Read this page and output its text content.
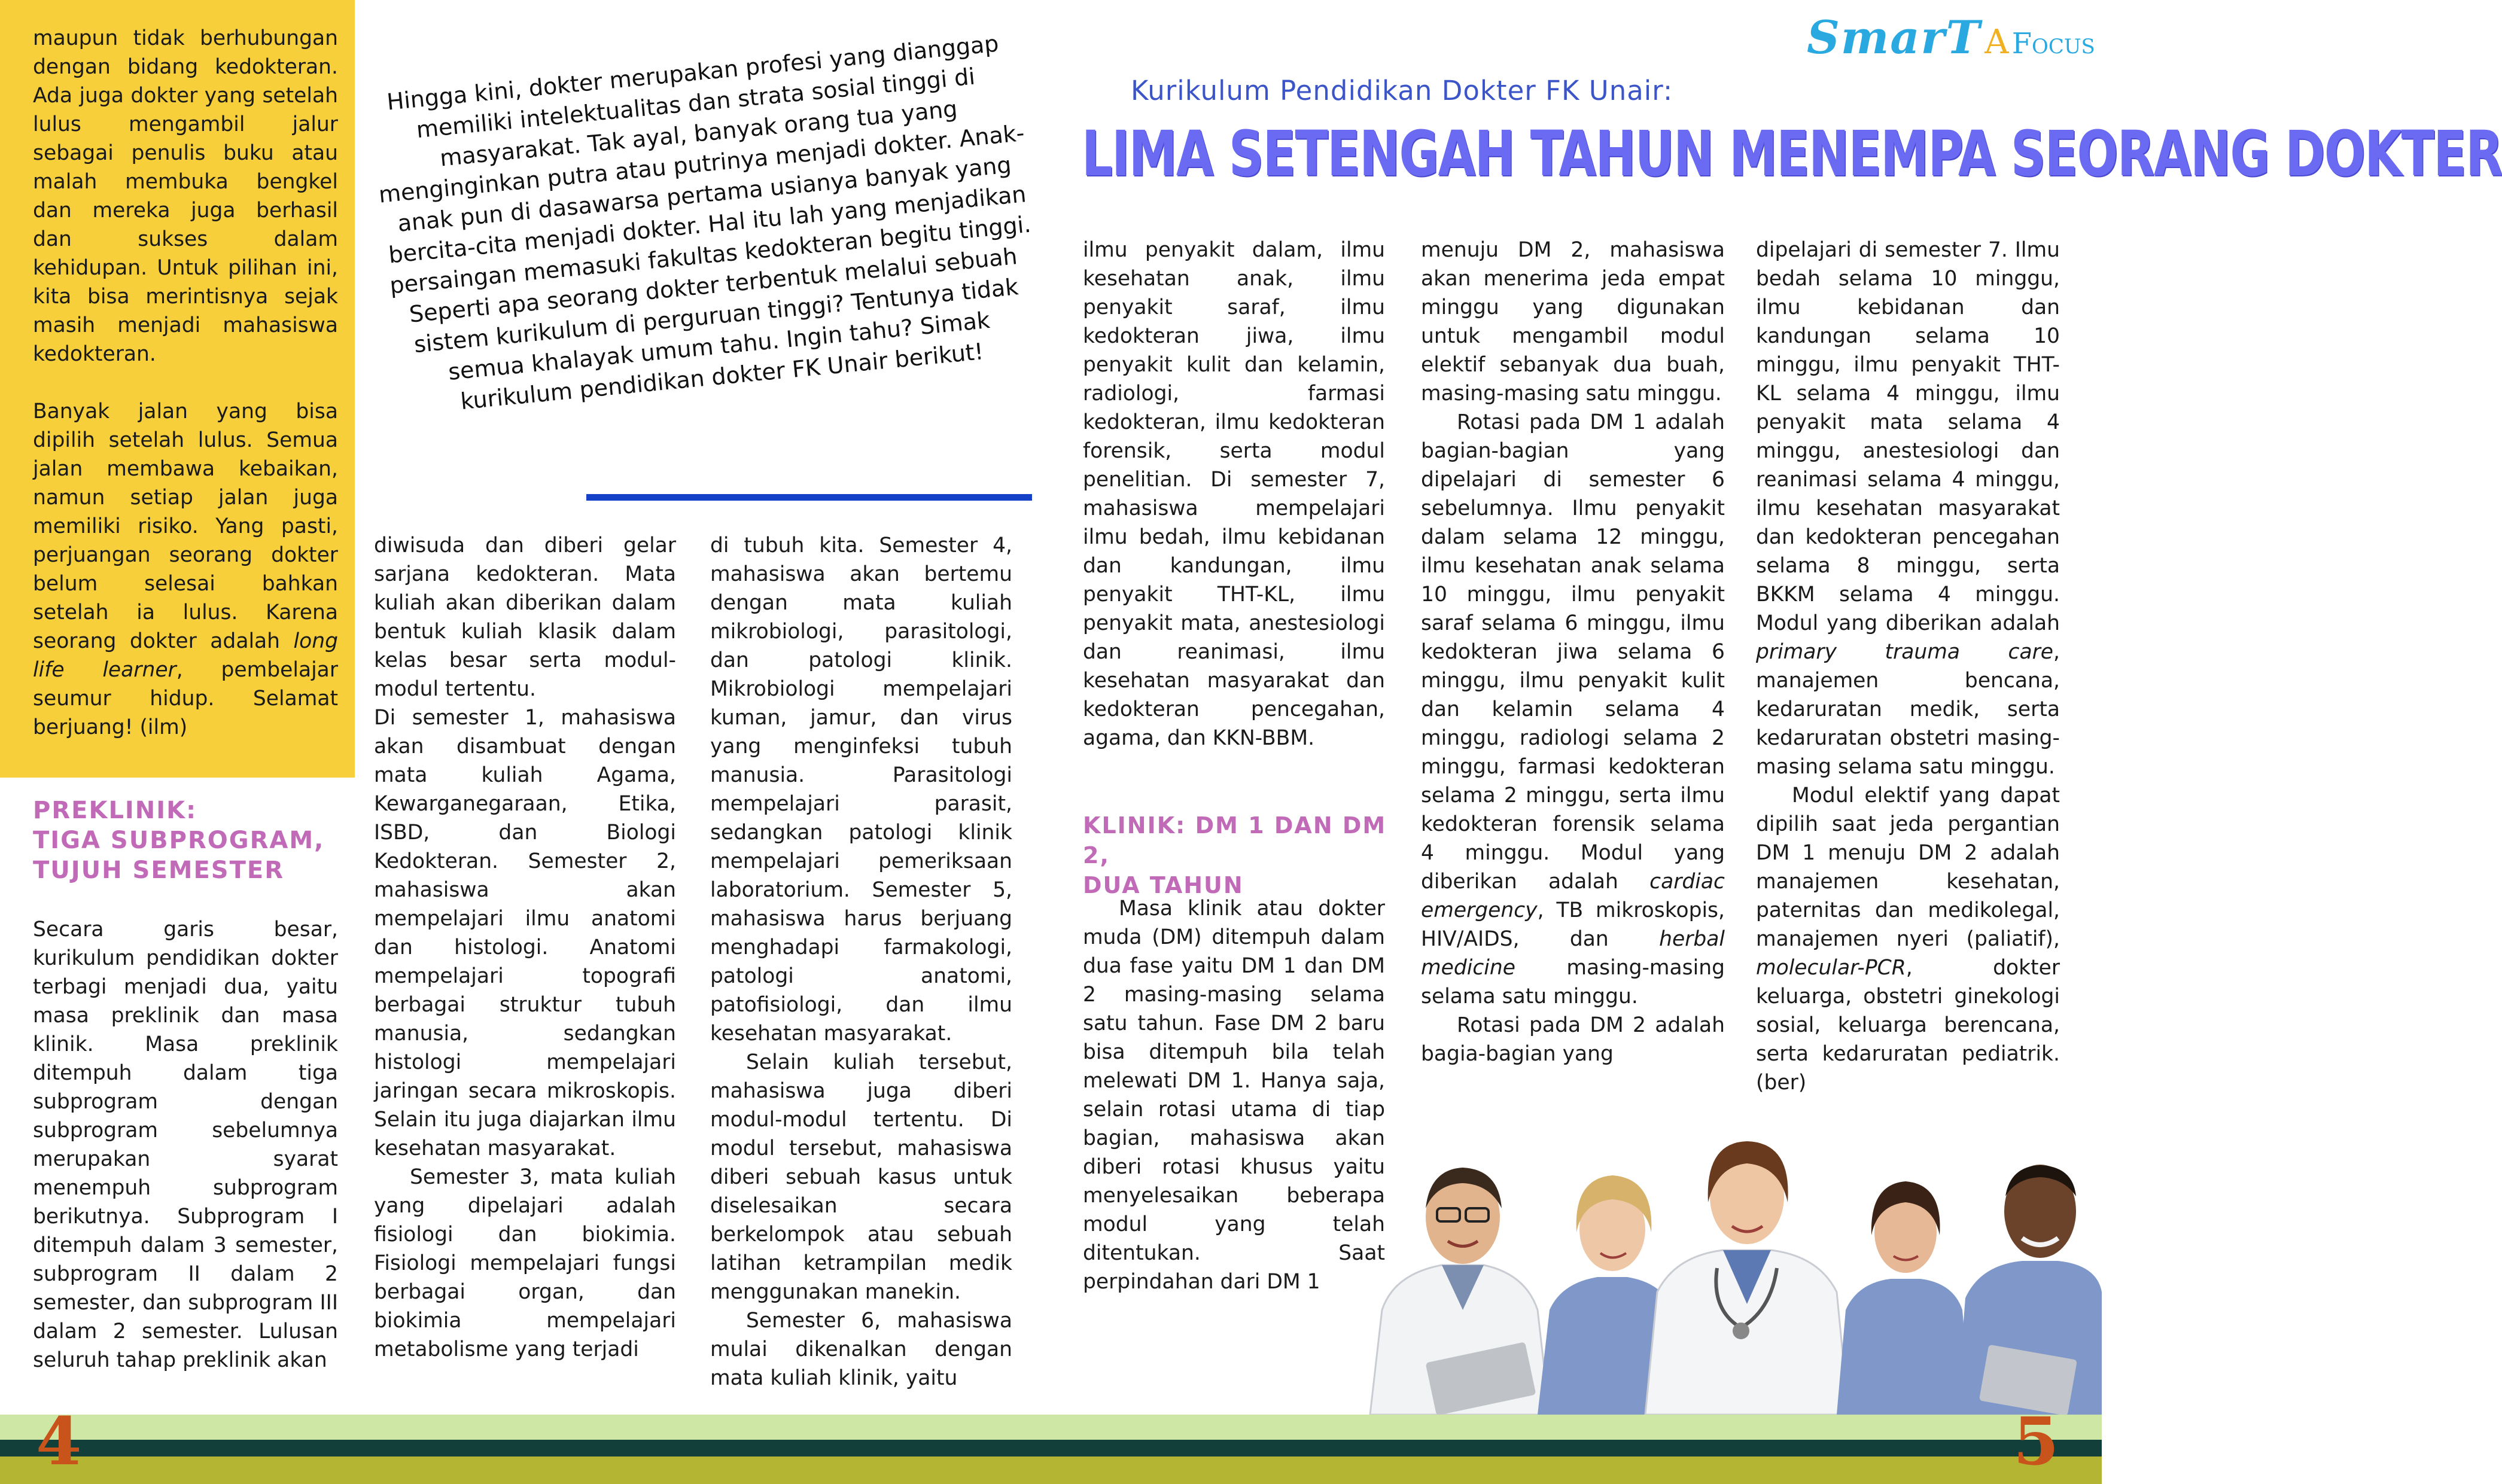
maupun tidak berhubungan dengan bidang kedokteran. Ada juga dokter yang setelah lulus mengambil jalur sebagai penulis buku atau malah membuka bengkel dan mereka juga berhasil dan sukses dalam kehidupan. Untuk pilihan ini, kita bisa merintisnya sejak masih menjadi mahasiswa kedokteran.

Banyak jalan yang bisa dipilih setelah lulus. Semua jalan membawa kebaikan, namun setiap jalan juga memiliki risiko. Yang pasti, perjuangan seorang dokter belum selesai bahkan setelah ia lulus. Karena seorang dokter adalah long life learner, pembelajar seumur hidup. Selamat berjuang! (ilm)

PREKLINIK:
TIGA SUBPROGRAM,
TUJUH SEMESTER

Secara garis besar, kurikulum pendidikan dokter terbagi menjadi dua, yaitu masa preklinik dan masa klinik. Masa preklinik ditempuh dalam tiga subprogram dengan subprogram sebelumnya merupakan syarat menempuh subprogram berikutnya. Subprogram I ditempuh dalam 3 semester, subprogram II dalam 2 semester, dan subprogram III dalam 2 semester. Lulusan seluruh tahap preklinik akan

Hingga kini, dokter merupakan profesi yang dianggap memiliki intelektualitas dan strata sosial tinggi di masyarakat. Tak ayal, banyak orang tua yang menginginkan putra atau putrinya menjadi dokter. Anak-anak pun di dasawarsa pertama usianya banyak yang bercita-cita menjadi dokter. Hal itu lah yang menjadikan persaingan memasuki fakultas kedokteran begitu tinggi. Seperti apa seorang dokter terbentuk melalui sebuah sistem kurikulum di perguruan tinggi? Tentunya tidak semua khalayak umum tahu. Ingin tahu? Simak kurikulum pendidikan dokter FK Unair berikut!

diwisuda dan diberi gelar sarjana kedokteran. Mata kuliah akan diberikan dalam bentuk kuliah klasik dalam kelas besar serta modul-modul tertentu.

Di semester 1, mahasiswa akan disambuat dengan mata kuliah Agama, Kewarganegaraan, Etika, ISBD, dan Biologi Kedokteran. Semester 2, mahasiswa akan mempelajari ilmu anatomi dan histologi. Anatomi mempelajari topografi berbagai struktur tubuh manusia, sedangkan histologi mempelajari jaringan secara mikroskopis. Selain itu juga diajarkan ilmu kesehatan masyarakat.

Semester 3, mata kuliah yang dipelajari adalah fisiologi dan biokimia. Fisiologi mempelajari fungsi berbagai organ, dan biokimia mempelajari metabolisme yang terjadi

di tubuh kita. Semester 4, mahasiswa akan bertemu dengan mata kuliah mikrobiologi, parasitologi, dan patologi klinik. Mikrobiologi mempelajari kuman, jamur, dan virus yang menginfeksi tubuh manusia. Parasitologi mempelajari parasit, sedangkan patologi klinik mempelajari pemeriksaan laboratorium. Semester 5, mahasiswa harus berjuang menghadapi farmakologi, patologi anatomi, patofisiologi, dan ilmu kesehatan masyarakat.

Selain kuliah tersebut, mahasiswa juga diberi modul-modul tertentu. Di modul tersebut, mahasiswa diberi sebuah kasus untuk diselesaikan secara berkelompok atau sebuah latihan ketrampilan medik menggunakan manekin.

Semester 6, mahasiswa mulai dikenalkan dengan mata kuliah klinik, yaitu

SmarT A Focus
Kurikulum Pendidikan Dokter FK Unair:
LIMA SETENGAH TAHUN MENEMPA SEORANG DOKTER

ilmu penyakit dalam, ilmu kesehatan anak, ilmu penyakit saraf, ilmu kedokteran jiwa, ilmu penyakit kulit dan kelamin, radiologi, farmasi kedokteran, ilmu kedokteran forensik, serta modul penelitian. Di semester 7, mahasiswa mempelajari ilmu bedah, ilmu kebidanan dan kandungan, ilmu penyakit THT-KL, ilmu penyakit mata, anestesiologi dan reanimasi, ilmu kesehatan masyarakat dan kedokteran pencegahan, agama, dan KKN-BBM.

KLINIK: DM 1 DAN DM 2,
DUA TAHUN

Masa klinik atau dokter muda (DM) ditempuh dalam dua fase yaitu DM 1 dan DM 2 masing-masing selama satu tahun. Fase DM 2 baru bisa ditempuh bila telah melewati DM 1. Hanya saja, selain rotasi utama di tiap bagian, mahasiswa akan diberi rotasi khusus yaitu menyelesaikan beberapa modul yang telah ditentukan. Saat perpindahan dari DM 1

menuju DM 2, mahasiswa akan menerima jeda empat minggu yang digunakan untuk mengambil modul elektif sebanyak dua buah, masing-masing satu minggu.

Rotasi pada DM 1 adalah bagian-bagian yang dipelajari di semester 6 sebelumnya. Ilmu penyakit dalam selama 12 minggu, ilmu kesehatan anak selama 10 minggu, ilmu penyakit saraf selama 6 minggu, ilmu kedokteran jiwa selama 6 minggu, ilmu penyakit kulit dan kelamin selama 4 minggu, radiologi selama 2 minggu, farmasi kedokteran selama 2 minggu, serta ilmu kedokteran forensik selama 4 minggu. Modul yang diberikan adalah cardiac emergency, TB mikroskopis, HIV/AIDS, dan herbal medicine masing-masing selama satu minggu.

Rotasi pada DM 2 adalah bagia-bagian yang

dipelajari di semester 7. Ilmu bedah selama 10 minggu, ilmu kebidanan dan kandungan selama 10 minggu, ilmu penyakit THT-KL selama 4 minggu, ilmu penyakit mata selama 4 minggu, anestesiologi dan reanimasi selama 4 minggu, ilmu kesehatan masyarakat dan kedokteran pencegahan selama 8 minggu, serta BKKM selama 4 minggu. Modul yang diberikan adalah primary trauma care, manajemen bencana, kedaruratan medik, serta kedaruratan obstetri masing-masing selama satu minggu.

Modul elektif yang dapat dipilih saat jeda pergantian DM 1 menuju DM 2 adalah manajemen kesehatan, paternitas dan medikolegal, manajemen nyeri (paliatif), molecular-PCR, dokter keluarga, obstetri ginekologi sosial, keluarga berencana, serta kedaruratan pediatrik. (ber)

4	5
